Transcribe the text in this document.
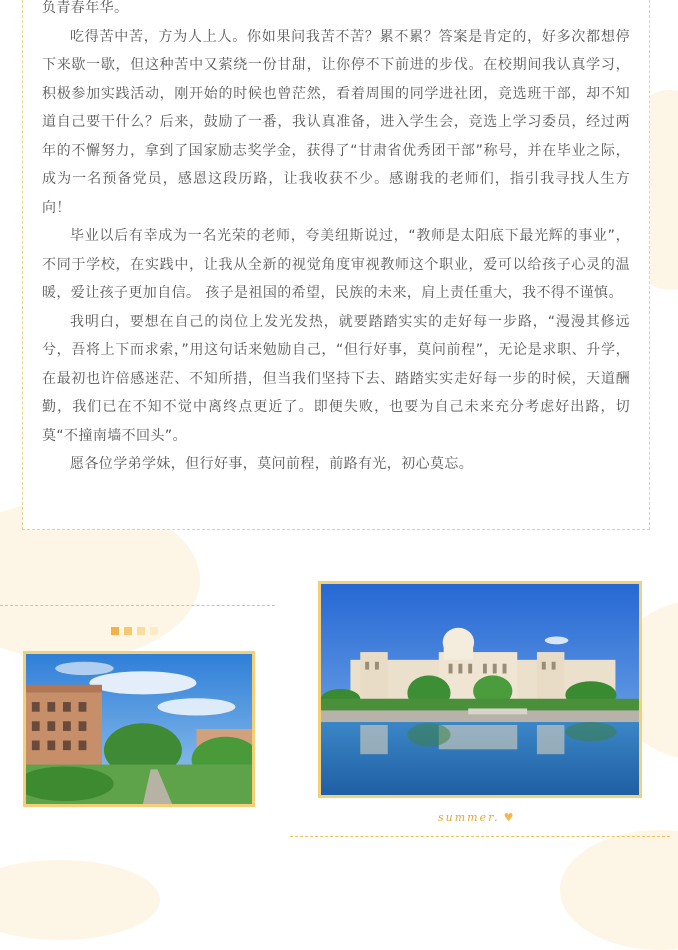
负青春年华。

吃得苦中苦，方为人上人。你如果问我苦不苦？累不累？答案是肯定的，好多次都想停下来歇一歇，但这种苦中又萦绕一份甘甜，让你停不下前进的步伐。在校期间我认真学习，积极参加实践活动，刚开始的时候也曾茫然，看着周围的同学进社团，竞选班干部，却不知道自己要干什么？后来，鼓励了一番，我认真准备，进入学生会，竞选上学习委员，经过两年的不懈努力，拿到了国家励志奖学金，获得了“甘肃省优秀团干部”称号，并在毕业之际，成为一名预备党员，感恩这段历路，让我收获不少。感谢我的老师们，指引我寻找人生方向！

毕业以后有幸成为一名光荣的老师，夸美纽斯说过，“教师是太阳底下最光辉的事业”，不同于学校，在实践中，让我从全新的视觉角度审视教师这个职业，爱可以给孩子心灵的温暖，爱让孩子更加自信。 孩子是祖国的希望，民族的未来，肩上责任重大，我不得不谨慎。

我明白，要想在自己的岗位上发光发热，就要踏踏实实的走好每一步路，“漫漫其修远兮，吾将上下而求索，”用这句话来勉励自己，“但行好事，莫问前程”，无论是求职、升学，在最初也许倍感迷茫、不知所措，但当我们坚持下去、踏踏实实走好每一步的时候，天道酬勤，我们已在不知不觉中离终点更近了。即便失败，也要为自己未来充分考虑好出路，切莫“不撞南墙不回头”。

愿各位学弟学妹，但行好事，莫问前程，前路有光，初心莫忘。

summer. ♥
